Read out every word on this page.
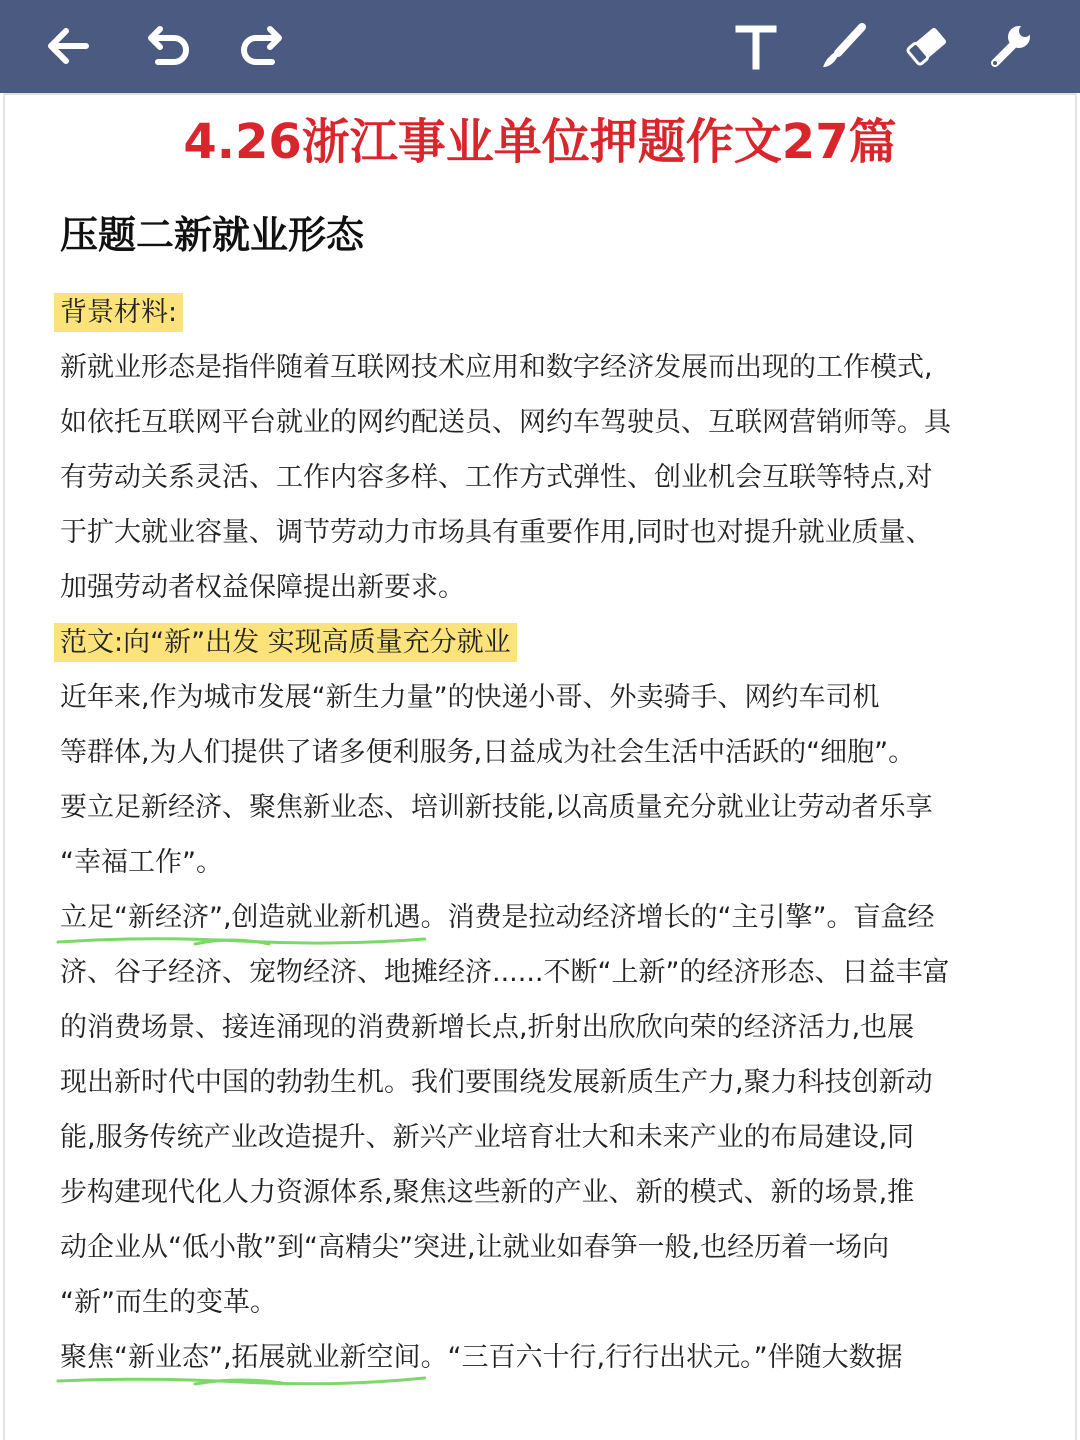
4.26浙江事业单位押题作文27篇
压题二新就业形态
背景材料:
新就业形态是指伴随着互联网技术应用和数字经济发展而出现的工作模式,
如依托互联网平台就业的网约配送员、网约车驾驶员、互联网营销师等。具
有劳动关系灵活、工作内容多样、工作方式弹性、创业机会互联等特点,对
于扩大就业容量、调节劳动力市场具有重要作用,同时也对提升就业质量、
加强劳动者权益保障提出新要求。
范文:向“新”出发 实现高质量充分就业
近年来,作为城市发展“新生力量”的快递小哥、外卖骑手、网约车司机
等群体,为人们提供了诸多便利服务,日益成为社会生活中活跃的“细胞”。
要立足新经济、聚焦新业态、培训新技能,以高质量充分就业让劳动者乐享
“幸福工作”。
立足“新经济”,创造就业新机遇
。消费是拉动经济增长的“主引擎”。盲盒经
济、谷子经济、宠物经济、地摊经济......不断“上新”的经济形态、日益丰富
的消费场景、接连涌现的消费新增长点,折射出欣欣向荣的经济活力,也展
现出新时代中国的勃勃生机。我们要围绕发展新质生产力,聚力科技创新动
能,服务传统产业改造提升、新兴产业培育壮大和未来产业的布局建设,同
步构建现代化人力资源体系,聚焦这些新的产业、新的模式、新的场景,推
动企业从“低小散”到“高精尖”突进,让就业如春笋一般,也经历着一场向
“新”而生的变革。
聚焦“新业态”,拓展就业新空间
。“三百六十行,行行出状元。”伴随大数据
